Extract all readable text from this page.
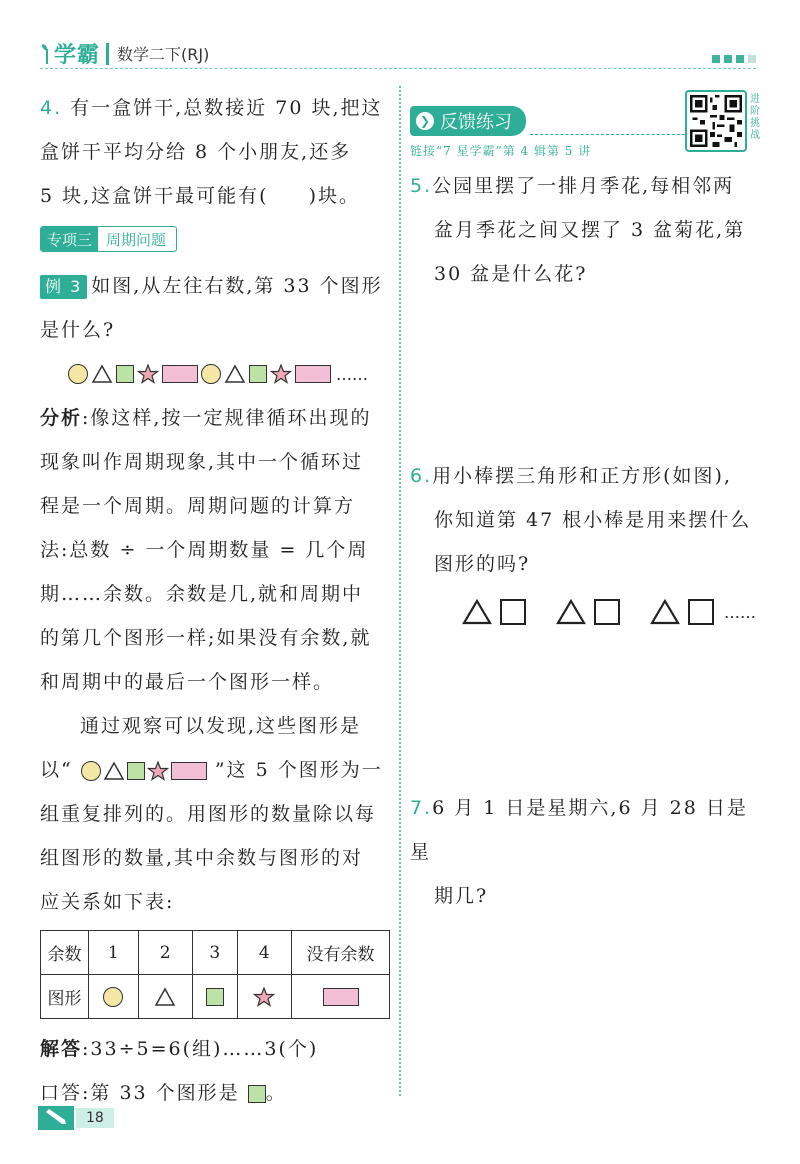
学霸 数学二下(RJ)
4. 有一盒饼干,总数接近 70 块,把这
盒饼干平均分给 8 个小朋友,还多
5 块,这盒饼干最可能有( )块。
专项三 周期问题
例 3 如图,从左往右数,第 33 个图形
是什么?
……
分析:像这样,按一定规律循环出现的
现象叫作周期现象,其中一个循环过
程是一个周期。周期问题的计算方
法:总数 ÷ 一个周期数量 = 几个周
期……余数。余数是几,就和周期中
的第几个图形一样;如果没有余数,就
和周期中的最后一个图形一样。
通过观察可以发现,这些图形是
以“	”这 5 个图形为一
组重复排列的。用图形的数量除以每
组图形的数量,其中余数与图形的对
应关系如下表:
余数	1	2	3	4	没有余数
图形					
解答:33÷5=6(组)……3(个)
口答:第 33 个图形是 。
❯ 反馈练习
链接“7 星学霸”第 4 辑第 5 讲
进阶挑战
5.公园里摆了一排月季花,每相邻两
盆月季花之间又摆了 3 盆菊花,第
30 盆是什么花?
6.用小棒摆三角形和正方形(如图),
你知道第 47 根小棒是用来摆什么
图形的吗?
……
7.6 月 1 日是星期六,6 月 28 日是星
期几?
18
